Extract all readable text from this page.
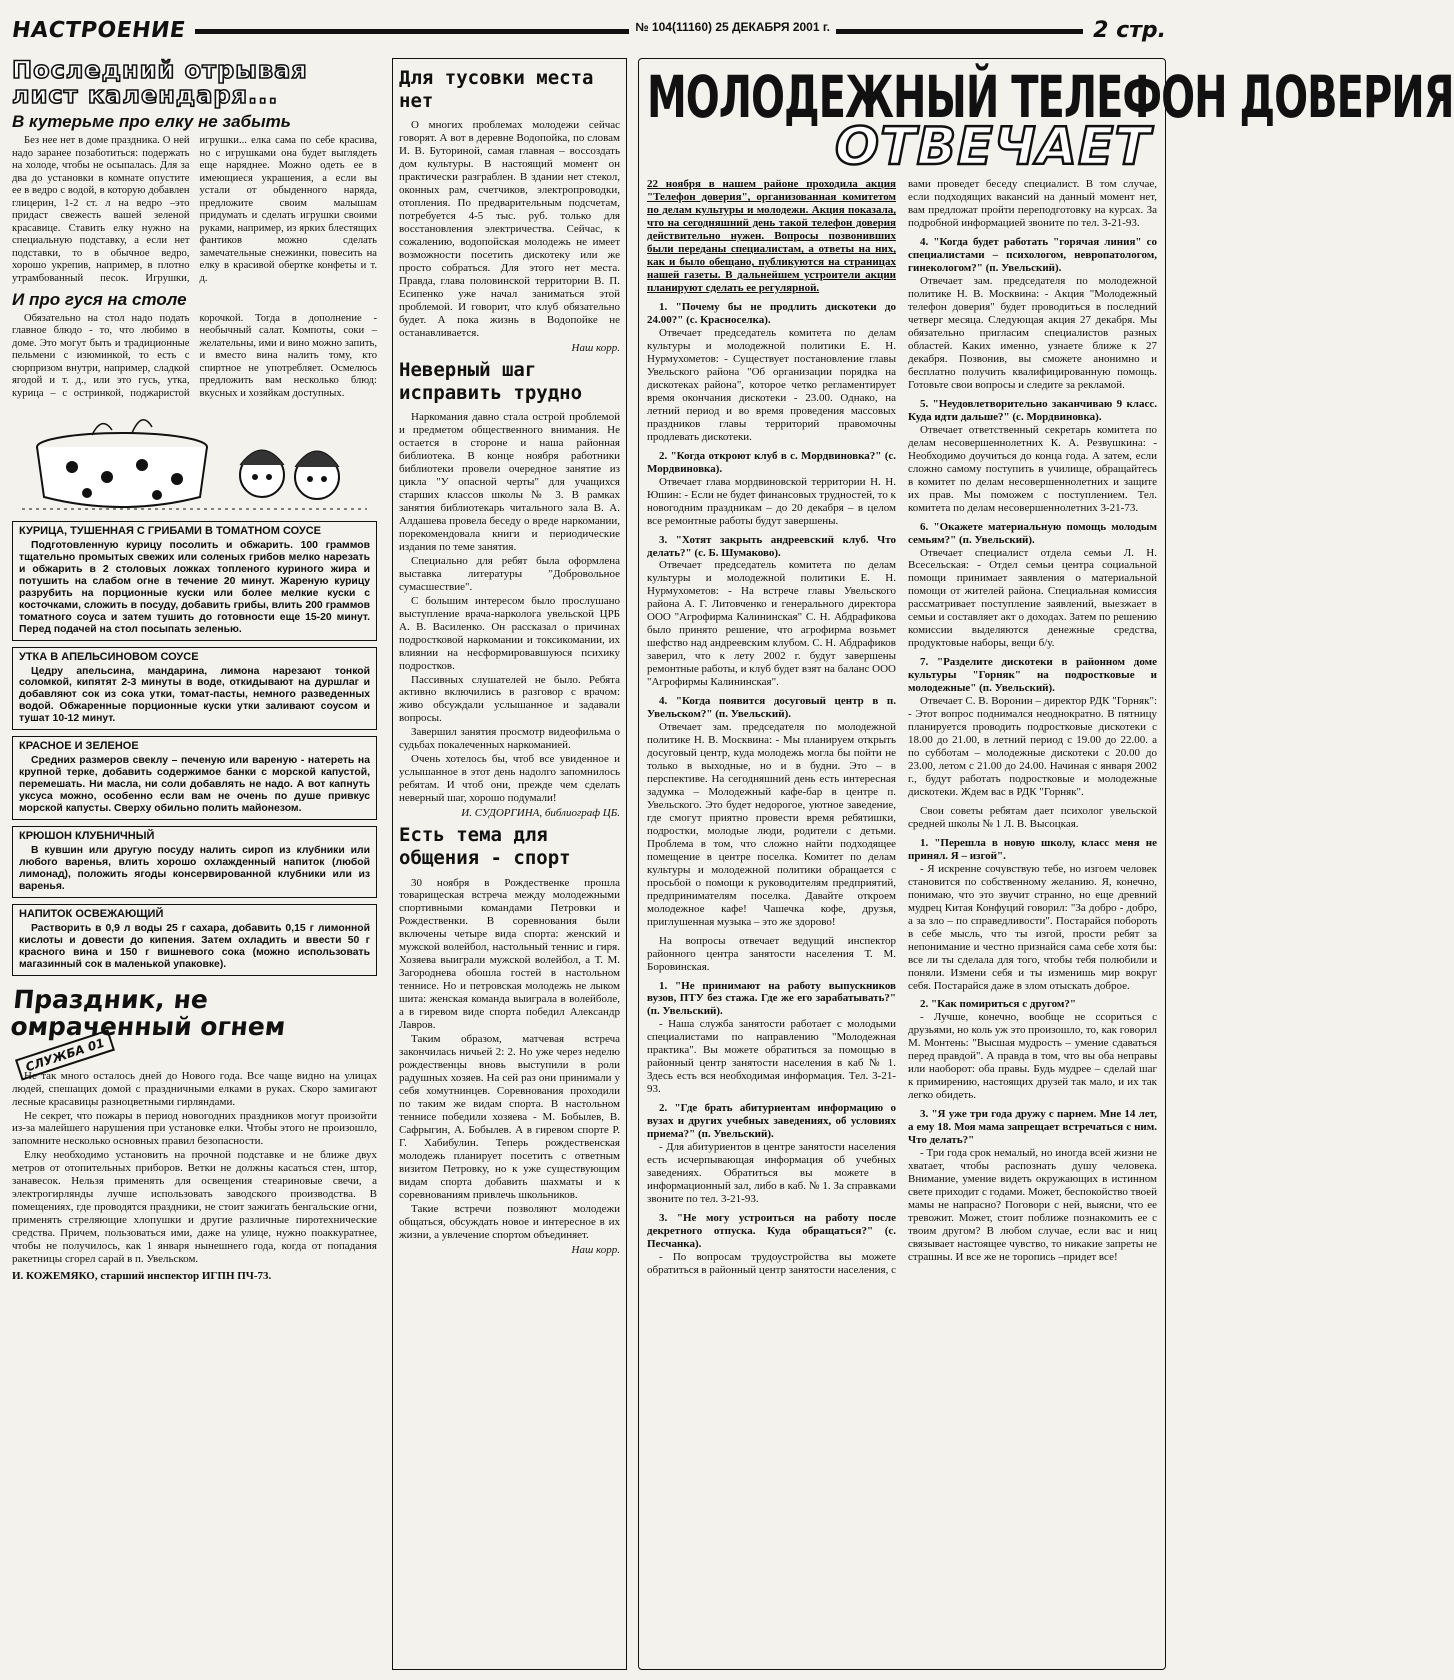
НАСТРОЕНИЕ	№ 104(11160) 25 ДЕКАБРЯ 2001 г.	2 стр.
Последний отрывая лист календаря...
В кутерьме про елку не забыть

Без нее нет в доме праздника. О ней надо заранее позаботиться: подержать на холоде, чтобы не осыпалась. Для за два до установки в комнате опустите ее в ведро с водой, в которую добавлен глицерин, 1-2 ст. л на ведро –это придаст свежесть вашей зеленой красавице. Ставить елку нужно на специальную подставку, а если нет подставки, то в обычное ведро, хорошо укрепив, например, в плотно утрамбованный песок. Игрушки, игрушки... елка сама по себе красива, но с игрушками она будет выглядеть еще наряднее. Можно одеть ее в имеющиеся украшения, а если вы устали от обыденного наряда, предложите своим малышам придумать и сделать игрушки своими руками, например, из ярких блестящих фантиков можно сделать замечательные снежинки, повесить на елку в красивой обертке конфеты и т. д.

И про гуся на столе

Обязательно на стол надо подать главное блюдо - то, что любимо в доме. Это могут быть и традиционные пельмени с изюминкой, то есть с сюрпризом внутри, например, сладкой ягодой и т. д., или это гусь, утка, курица – с остринкой, поджаристой корочкой. Тогда в дополнение - необычный салат. Компоты, соки – желательны, ими и вино можно запить, и вместо вина налить тому, кто спиртное не употребляет. Осмелюсь предложить вам несколько блюд: вкусных и хозяйкам доступных.

КУРИЦА, ТУШЕННАЯ С ГРИБАМИ В ТОМАТНОМ СОУСЕ
Подготовленную курицу посолить и обжарить. 100 граммов тщательно промытых свежих или соленых грибов мелко нарезать и обжарить в 2 столовых ложках топленого куриного жира и потушить на слабом огне в течение 20 минут. Жареную курицу разрубить на порционные куски или более мелкие куски с косточками, сложить в посуду, добавить грибы, влить 200 граммов томатного соуса и затем тушить до готовности еще 15-20 минут. Перед подачей на стол посыпать зеленью.
УТКА В АПЕЛЬСИНОВОМ СОУСЕ
Цедру апельсина, мандарина, лимона нарезают тонкой соломкой, кипятят 2-3 минуты в воде, откидывают на дуршлаг и добавляют сок из сока утки, томат-пасты, немного разведенных водой. Обжаренные порционные куски утки заливают соусом и тушат 10-12 минут.
КРАСНОЕ И ЗЕЛЕНОЕ
Средних размеров свеклу – печеную или вареную - натереть на крупной терке, добавить содержимое банки с морской капустой, перемешать. Ни масла, ни соли добавлять не надо. А вот капнуть уксуса можно, особенно если вам не очень по душе привкус морской капусты. Сверху обильно полить майонезом.
КРЮШОН КЛУБНИЧНЫЙ
В кувшин или другую посуду налить сироп из клубники или любого варенья, влить хорошо охлажденный напиток (любой лимонад), положить ягоды консервированной клубники или из варенья.
НАПИТОК ОСВЕЖАЮЩИЙ
Растворить в 0,9 л воды 25 г сахара, добавить 0,15 г лимонной кислоты и довести до кипения. Затем охладить и ввести 50 г красного вина и 150 г вишневого сока (можно использовать магазинный сок в маленькой упаковке).
Праздник, не омраченный огнем
СЛУЖБА 01

Не так много осталось дней до Нового года. Все чаще видно на улицах людей, спешащих домой с праздничными елками в руках. Скоро замигают лесные красавицы разноцветными гирляндами.

Не секрет, что пожары в период новогодних праздников могут произойти из-за малейшего нарушения при установке елки. Чтобы этого не произошло, запомните несколько основных правил безопасности.

Елку необходимо установить на прочной подставке и не ближе двух метров от отопительных приборов. Ветки не должны касаться стен, штор, занавесок. Нельзя применять для освещения стеариновые свечи, а электрогирлянды лучше использовать заводского производства. В помещениях, где проводятся праздники, не стоит зажигать бенгальские огни, применять стреляющие хлопушки и другие различные пиротехнические средства. Причем, пользоваться ими, даже на улице, нужно поаккуратнее, чтобы не получилось, как 1 января нынешнего года, когда от попадания ракетницы сгорел сарай в п. Увельском.

И. КОЖЕМЯКО, старший инспектор ИГПН ПЧ-73.
Для тусовки места нет

О многих проблемах молодежи сейчас говорят. А вот в деревне Водопойка, по словам И. В. Буториной, самая главная – воссоздать дом культуры. В настоящий момент он практически разграблен. В здании нет стекол, оконных рам, счетчиков, электропроводки, отопления. По предварительным подсчетам, потребуется 4-5 тыс. руб. только для восстановления электричества. Сейчас, к сожалению, водопойская молодежь не имеет возможности посетить дискотеку или же просто собраться. Для этого нет места. Правда, глава половинской территории В. П. Есипенко уже начал заниматься этой проблемой. И говорит, что клуб обязательно будет. А пока жизнь в Водопойке не останавливается.

Наш корр.
Неверный шаг исправить трудно

Наркомания давно стала острой проблемой и предметом общественного внимания. Не остается в стороне и наша районная библиотека. В конце ноября работники библиотеки провели очередное занятие из цикла "У опасной черты" для учащихся старших классов школы № 3. В рамках занятия библиотекарь читального зала В. А. Алдашева провела беседу о вреде наркомании, порекомендовала книги и периодические издания по теме занятия.

Специально для ребят была оформлена выставка литературы "Добровольное сумасшествие".

С большим интересом было прослушано выступление врача-нарколога увельской ЦРБ А. В. Василенко. Он рассказал о причинах подростковой наркомании и токсикомании, их влиянии на несформировавшуюся психику подростков.

Пассивных слушателей не было. Ребята активно включились в разговор с врачом: живо обсуждали услышанное и задавали вопросы.

Завершил занятия просмотр видеофильма о судьбах покалеченных наркоманией.

Очень хотелось бы, чтоб все увиденное и услышанное в этот день надолго запомнилось ребятам. И чтоб они, прежде чем сделать неверный шаг, хорошо подумали!

И. СУДОРГИНА, библиограф ЦБ.
Есть тема для общения - спорт

30 ноября в Рождественке прошла товарищеская встреча между молодежными спортивными командами Петровки и Рождественки. В соревнования были включены четыре вида спорта: женский и мужской волейбол, настольный теннис и гиря. Хозяева выиграли мужской волейбол, а Т. М. Загороднева обошла гостей в настольном теннисе. Но и петровская молодежь не лыком шита: женская команда выиграла в волейболе, а в гиревом виде спорта победил Александр Лавров.

Таким образом, матчевая встреча закончилась ничьей 2: 2. Но уже через неделю рождественцы вновь выступили в роли радушных хозяев. На сей раз они принимали у себя хомутнинцев. Соревнования проходили по таким же видам спорта. В настольном теннисе победили хозяева - М. Бобылев, В. Сафрыгин, А. Бобылев. А в гиревом спорте Р. Г. Хабибулин. Теперь рождественская молодежь планирует посетить с ответным визитом Петровку, но к уже существующим видам спорта добавить шахматы и к соревнованиям привлечь школьников.

Такие встречи позволяют молодежи общаться, обсуждать новое и интересное в их жизни, а увлечение спортом объединяет.

Наш корр.
МОЛОДЕЖНЫЙ ТЕЛЕФОН ДОВЕРИЯ
ОТВЕЧАЕТ
22 ноября в нашем районе проходила акция "Телефон доверия", организованная комитетом по делам культуры и молодежи. Акция показала, что на сегодняшний день такой телефон доверия действительно нужен. Вопросы позвонивших были переданы специалистам, а ответы на них, как и было обещано, публикуются на страницах нашей газеты. В дальнейшем устроители акции планируют сделать ее регулярной.
1. "Почему бы не продлить дискотеки до 24.00?" (с. Красноселка).
Отвечает председатель комитета по делам культуры и молодежной политики Е. Н. Нурмухометов: - Существует постановление главы Увельского района "Об организации порядка на дискотеках района", которое четко регламентирует время окончания дискотеки - 23.00. Однако, на летний период и во время проведения массовых праздников главы территорий правомочны продлевать дискотеки.
2. "Когда откроют клуб в с. Мордвиновка?" (с. Мордвиновка).
Отвечает глава мордвиновской территории Н. Н. Юшин: - Если не будет финансовых трудностей, то к новогодним праздникам – до 20 декабря – в целом все ремонтные работы будут завершены.
3. "Хотят закрыть андреевский клуб. Что делать?" (с. Б. Шумаково).
Отвечает председатель комитета по делам культуры и молодежной политики Е. Н. Нурмухометов: - На встрече главы Увельского района А. Г. Литовченко и генерального директора ООО "Агрофирма Калининская" С. Н. Абдрафикова было принято решение, что агрофирма возьмет шефство над андреевским клубом. С. Н. Абдрафиков заверил, что к лету 2002 г. будут завершены ремонтные работы, и клуб будет взят на баланс ООО "Агрофирмы Калининская".
4. "Когда появится досуговый центр в п. Увельском?" (п. Увельский).
Отвечает зам. председателя по молодежной политике Н. В. Москвина: - Мы планируем открыть досуговый центр, куда молодежь могла бы пойти не только в выходные, но и в будни. Это – в перспективе. На сегодняшний день есть интересная задумка – Молодежный кафе-бар в центре п. Увельского. Это будет недорогое, уютное заведение, где смогут приятно провести время ребятишки, подростки, молодые люди, родители с детьми. Проблема в том, что сложно найти подходящее помещение в центре поселка. Комитет по делам культуры и молодежной политики обращается с просьбой о помощи к руководителям предприятий, предпринимателям поселка. Давайте откроем молодежное кафе! Чашечка кофе, друзья, приглушенная музыка – это же здорово!
На вопросы отвечает ведущий инспектор районного центра занятости населения Т. М. Боровинская.
1. "Не принимают на работу выпускников вузов, ПТУ без стажа. Где же его зарабатывать?" (п. Увельский).
- Наша служба занятости работает с молодыми специалистами по направлению "Молодежная практика". Вы можете обратиться за помощью в районный центр занятости населения в каб № 1. Здесь есть вся необходимая информация. Тел. 3-21-93.
2. "Где брать абитуриентам информацию о вузах и других учебных заведениях, об условиях приема?" (п. Увельский).
- Для абитуриентов в центре занятости населения есть исчерпывающая информация об учебных заведениях. Обратиться вы можете в информационный зал, либо в каб. № 1. За справками звоните по тел. 3-21-93.
3. "Не могу устроиться на работу после декретного отпуска. Куда обращаться?" (с. Песчанка).
- По вопросам трудоустройства вы можете обратиться в районный центр занятости населения, с вами проведет беседу специалист. В том случае, если подходящих вакансий на данный момент нет, вам предложат пройти переподготовку на курсах. За подробной информацией звоните по тел. 3-21-93.
4. "Когда будет работать "горячая линия" со специалистами – психологом, невропатологом, гинекологом?" (п. Увельский).
Отвечает зам. председателя по молодежной политике Н. В. Москвина: - Акция "Молодежный телефон доверия" будет проводиться в последний четверг месяца. Следующая акция 27 декабря. Мы обязательно пригласим специалистов разных областей. Каких именно, узнаете ближе к 27 декабря. Позвонив, вы сможете анонимно и бесплатно получить квалифицированную помощь. Готовьте свои вопросы и следите за рекламой.
5. "Неудовлетворительно заканчиваю 9 класс. Куда идти дальше?" (с. Мордвиновка).
Отвечает ответственный секретарь комитета по делам несовершеннолетних К. А. Резвушкина: - Необходимо доучиться до конца года. А затем, если сложно самому поступить в училище, обращайтесь в комитет по делам несовершеннолетних и защите их прав. Мы поможем с поступлением. Тел. комитета по делам несовершеннолетних 3-21-73.
6. "Окажете материальную помощь молодым семьям?" (п. Увельский).
Отвечает специалист отдела семьи Л. Н. Всесельская: - Отдел семьи центра социальной помощи принимает заявления о материальной помощи от жителей района. Специальная комиссия рассматривает поступление заявлений, выезжает в семьи и составляет акт о доходах. Затем по решению комиссии выделяются денежные средства, продуктовые наборы, вещи б/у.
7. "Разделите дискотеки в районном доме культуры "Горняк" на подростковые и молодежные" (п. Увельский).
Отвечает С. В. Воронин – директор РДК "Горняк": - Этот вопрос поднимался неоднократно. В пятницу планируется проводить подростковые дискотеки с 18.00 до 21.00, в летний период с 19.00 до 22.00. а по субботам – молодежные дискотеки с 20.00 до 23.00, летом с 21.00 до 24.00. Начиная с января 2002 г., будут работать подростковые и молодежные дискотеки. Ждем вас в РДК "Горняк".
Свои советы ребятам дает психолог увельской средней школы № 1 Л. В. Высоцкая.
1. "Перешла в новую школу, класс меня не принял. Я – изгой".
- Я искренне сочувствую тебе, но изгоем человек становится по собственному желанию. Я, конечно, понимаю, что это звучит странно, но еще древний мудрец Китая Конфуций говорил: "За добро - добро, а за зло – по справедливости". Постарайся побороть в себе мысль, что ты изгой, прости ребят за непонимание и честно признайся сама себе хотя бы: все ли ты сделала для того, чтобы тебя полюбили и поняли. Измени себя и ты изменишь мир вокруг себя. Постарайся даже в злом отыскать доброе.
2. "Как помириться с другом?"
- Лучше, конечно, вообще не ссориться с друзьями, но коль уж это произошло, то, как говорил М. Монтень: "Высшая мудрость – умение сдаваться перед правдой". А правда в том, что вы оба неправы или наоборот: оба правы. Будь мудрее – сделай шаг к примирению, настоящих друзей так мало, и их так легко обидеть.
3. "Я уже три года дружу с парнем. Мне 14 лет, а ему 18. Моя мама запрещает встречаться с ним. Что делать?"
- Три года срок немалый, но иногда всей жизни не хватает, чтобы распознать душу человека. Внимание, умение видеть окружающих в истинном свете приходит с годами. Может, беспокойство твоей мамы не напрасно? Поговори с ней, выясни, что ее тревожит. Может, стоит поближе познакомить ее с твоим другом? В любом случае, если вас и ниц связывает настоящее чувство, то никакие запреты не страшны. И все же не торопись –придет все!
